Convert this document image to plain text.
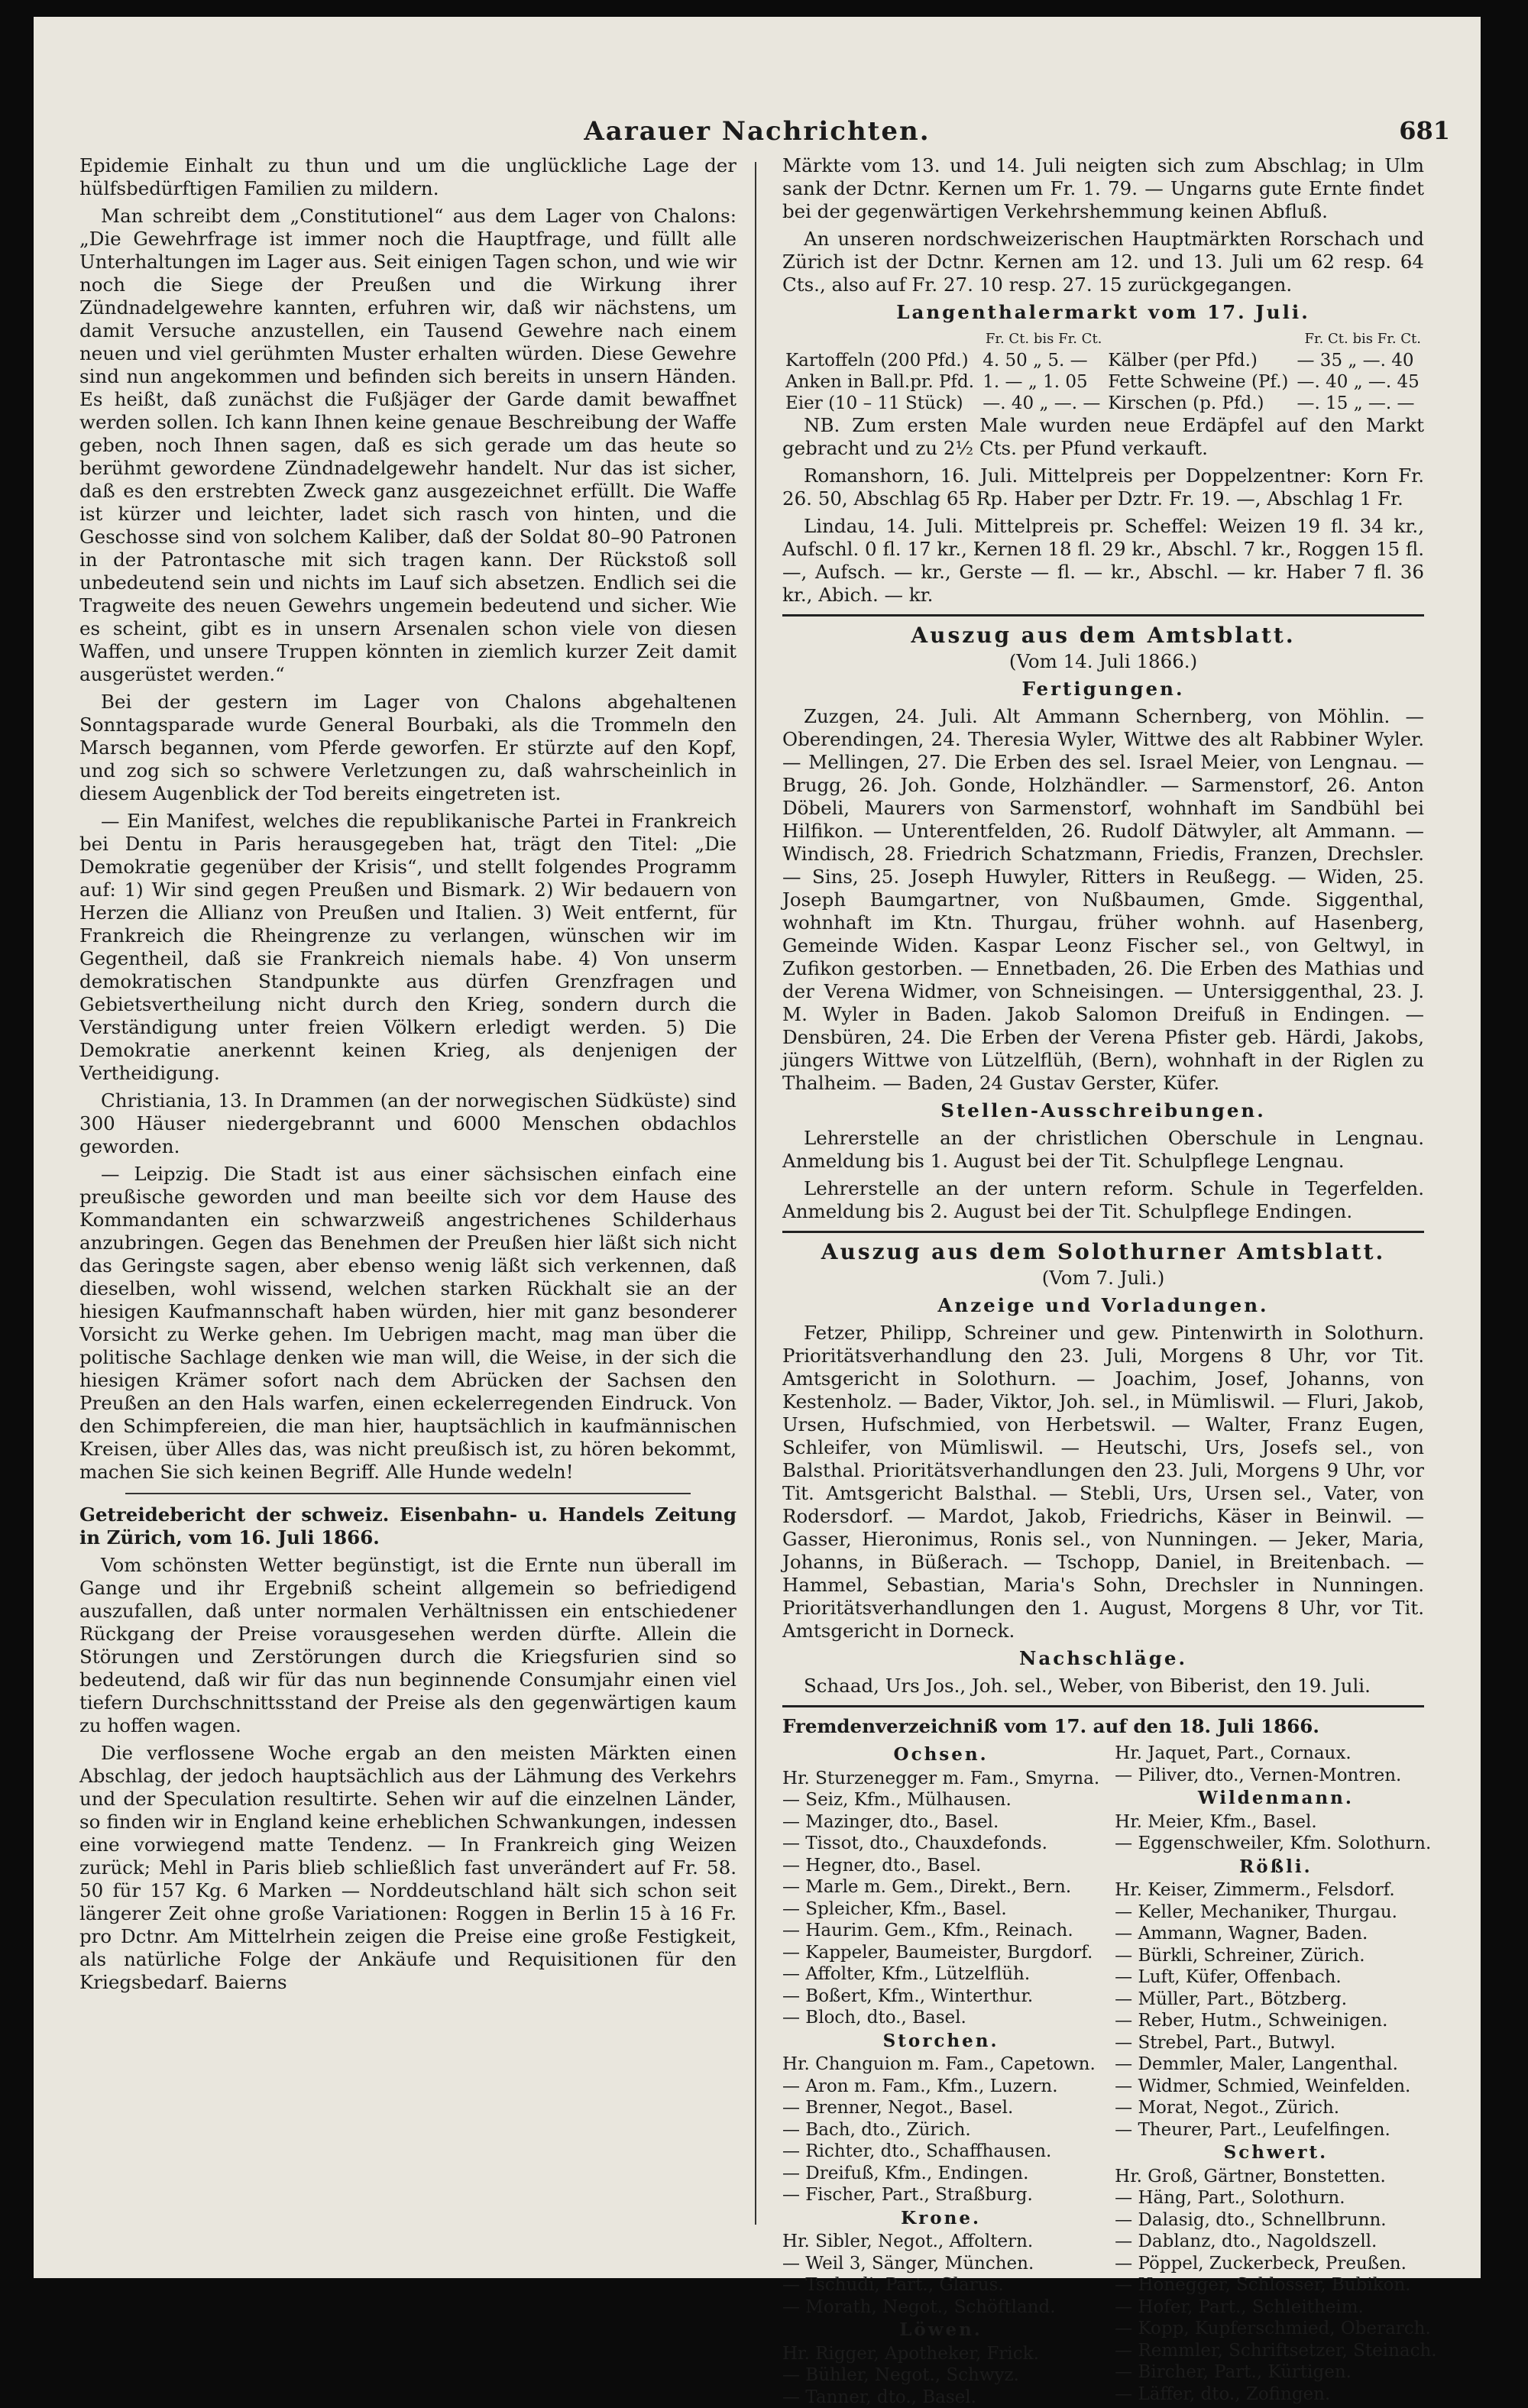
Aarauer Nachrichten.	681

Epidemie Einhalt zu thun und um die unglückliche Lage der hülfsbedürftigen Familien zu mildern.

Man schreibt dem „Constitutionel“ aus dem Lager von Chalons: „Die Gewehrfrage ist immer noch die Hauptfrage, und füllt alle Unterhaltungen im Lager aus. Seit einigen Tagen schon, und wie wir noch die Siege der Preußen und die Wirkung ihrer Zündnadelgewehre kannten, erfuhren wir, daß wir nächstens, um damit Versuche anzustellen, ein Tausend Gewehre nach einem neuen und viel gerühmten Muster erhalten würden. Diese Gewehre sind nun angekommen und befinden sich bereits in unsern Händen. Es heißt, daß zunächst die Fußjäger der Garde damit bewaffnet werden sollen. Ich kann Ihnen keine genaue Beschreibung der Waffe geben, noch Ihnen sagen, daß es sich gerade um das heute so berühmt gewordene Zündnadelgewehr handelt. Nur das ist sicher, daß es den erstrebten Zweck ganz ausgezeichnet erfüllt. Die Waffe ist kürzer und leichter, ladet sich rasch von hinten, und die Geschosse sind von solchem Kaliber, daß der Soldat 80–90 Patronen in der Patrontasche mit sich tragen kann. Der Rückstoß soll unbedeutend sein und nichts im Lauf sich absetzen. Endlich sei die Tragweite des neuen Gewehrs ungemein bedeutend und sicher. Wie es scheint, gibt es in unsern Arsenalen schon viele von diesen Waffen, und unsere Truppen könnten in ziemlich kurzer Zeit damit ausgerüstet werden.“

Bei der gestern im Lager von Chalons abgehaltenen Sonntagsparade wurde General Bourbaki, als die Trommeln den Marsch begannen, vom Pferde geworfen. Er stürzte auf den Kopf, und zog sich so schwere Verletzungen zu, daß wahrscheinlich in diesem Augenblick der Tod bereits eingetreten ist.

— Ein Manifest, welches die republikanische Partei in Frankreich bei Dentu in Paris herausgegeben hat, trägt den Titel: „Die Demokratie gegenüber der Krisis“, und stellt folgendes Programm auf: 1) Wir sind gegen Preußen und Bismark. 2) Wir bedauern von Herzen die Allianz von Preußen und Italien. 3) Weit entfernt, für Frankreich die Rheingrenze zu verlangen, wünschen wir im Gegentheil, daß sie Frankreich niemals habe. 4) Von unserm demokratischen Standpunkte aus dürfen Grenzfragen und Gebietsvertheilung nicht durch den Krieg, sondern durch die Verständigung unter freien Völkern erledigt werden. 5) Die Demokratie anerkennt keinen Krieg, als denjenigen der Vertheidigung.

Christiania, 13. In Drammen (an der norwegischen Südküste) sind 300 Häuser niedergebrannt und 6000 Menschen obdachlos geworden.

— Leipzig. Die Stadt ist aus einer sächsischen einfach eine preußische geworden und man beeilte sich vor dem Hause des Kommandanten ein schwarzweiß angestrichenes Schilderhaus anzubringen. Gegen das Benehmen der Preußen hier läßt sich nicht das Geringste sagen, aber ebenso wenig läßt sich verkennen, daß dieselben, wohl wissend, welchen starken Rückhalt sie an der hiesigen Kaufmannschaft haben würden, hier mit ganz besonderer Vorsicht zu Werke gehen. Im Uebrigen macht, mag man über die politische Sachlage denken wie man will, die Weise, in der sich die hiesigen Krämer sofort nach dem Abrücken der Sachsen den Preußen an den Hals warfen, einen eckelerregenden Eindruck. Von den Schimpfereien, die man hier, hauptsächlich in kaufmännischen Kreisen, über Alles das, was nicht preußisch ist, zu hören bekommt, machen Sie sich keinen Begriff. Alle Hunde wedeln!

Getreidebericht der schweiz. Eisenbahn- u. Handels Zeitung in Zürich, vom 16. Juli 1866.

Vom schönsten Wetter begünstigt, ist die Ernte nun überall im Gange und ihr Ergebniß scheint allgemein so befriedigend auszufallen, daß unter normalen Verhältnissen ein entschiedener Rückgang der Preise vorausgesehen werden dürfte. Allein die Störungen und Zerstörungen durch die Kriegsfurien sind so bedeutend, daß wir für das nun beginnende Consumjahr einen viel tiefern Durchschnittsstand der Preise als den gegenwärtigen kaum zu hoffen wagen.

Die verflossene Woche ergab an den meisten Märkten einen Abschlag, der jedoch hauptsächlich aus der Lähmung des Verkehrs und der Speculation resultirte. Sehen wir auf die einzelnen Länder, so finden wir in England keine erheblichen Schwankungen, indessen eine vorwiegend matte Tendenz. — In Frankreich ging Weizen zurück; Mehl in Paris blieb schließlich fast unverändert auf Fr. 58. 50 für 157 Kg. 6 Marken — Norddeutschland hält sich schon seit längerer Zeit ohne große Variationen: Roggen in Berlin 15 à 16 Fr. pro Dctnr. Am Mittelrhein zeigen die Preise eine große Festigkeit, als natürliche Folge der Ankäufe und Requisitionen für den Kriegsbedarf. Baierns

Märkte vom 13. und 14. Juli neigten sich zum Abschlag; in Ulm sank der Dctnr. Kernen um Fr. 1. 79. — Ungarns gute Ernte findet bei der gegenwärtigen Verkehrshemmung keinen Abfluß.

An unseren nordschweizerischen Hauptmärkten Rorschach und Zürich ist der Dctnr. Kernen am 12. und 13. Juli um 62 resp. 64 Cts., also auf Fr. 27. 10 resp. 27. 15 zurückgegangen.

Langenthalermarkt vom 17. Juli.

	Fr. Ct. bis Fr. Ct.		Fr. Ct. bis Fr. Ct.
Kartoffeln (200 Pfd.)	4. 50 „ 5. —	Kälber (per Pfd.)	— 35 „ —. 40
Anken in Ball.pr. Pfd.	1. — „ 1. 05	Fette Schweine (Pf.)	—. 40 „ —. 45
Eier (10 – 11 Stück)	—. 40 „ —. —	Kirschen (p. Pfd.)	—. 15 „ —. —

NB. Zum ersten Male wurden neue Erdäpfel auf den Markt gebracht und zu 2½ Cts. per Pfund verkauft.

Romanshorn, 16. Juli. Mittelpreis per Doppelzentner: Korn Fr. 26. 50, Abschlag 65 Rp. Haber per Dztr. Fr. 19. —, Abschlag 1 Fr.

Lindau, 14. Juli. Mittelpreis pr. Scheffel: Weizen 19 fl. 34 kr., Aufschl. 0 fl. 17 kr., Kernen 18 fl. 29 kr., Abschl. 7 kr., Roggen 15 fl. —, Aufsch. — kr., Gerste — fl. — kr., Abschl. — kr. Haber 7 fl. 36 kr., Abich. — kr.

Auszug aus dem Amtsblatt.
(Vom 14. Juli 1866.)
Fertigungen.

Zuzgen, 24. Juli. Alt Ammann Schernberg, von Möhlin. — Oberendingen, 24. Theresia Wyler, Wittwe des alt Rabbiner Wyler. — Mellingen, 27. Die Erben des sel. Israel Meier, von Lengnau. — Brugg, 26. Joh. Gonde, Holzhändler. — Sarmenstorf, 26. Anton Döbeli, Maurers von Sarmenstorf, wohnhaft im Sandbühl bei Hilfikon. — Unterentfelden, 26. Rudolf Dätwyler, alt Ammann. — Windisch, 28. Friedrich Schatzmann, Friedis, Franzen, Drechsler. — Sins, 25. Joseph Huwyler, Ritters in Reußegg. — Widen, 25. Joseph Baumgartner, von Nußbaumen, Gmde. Siggenthal, wohnhaft im Ktn. Thurgau, früher wohnh. auf Hasenberg, Gemeinde Widen. Kaspar Leonz Fischer sel., von Geltwyl, in Zufikon gestorben. — Ennetbaden, 26. Die Erben des Mathias und der Verena Widmer, von Schneisingen. — Untersiggenthal, 23. J. M. Wyler in Baden. Jakob Salomon Dreifuß in Endingen. — Densbüren, 24. Die Erben der Verena Pfister geb. Härdi, Jakobs, jüngers Wittwe von Lützelflüh, (Bern), wohnhaft in der Riglen zu Thalheim. — Baden, 24 Gustav Gerster, Küfer.

Stellen-Ausschreibungen.

Lehrerstelle an der christlichen Oberschule in Lengnau. Anmeldung bis 1. August bei der Tit. Schulpflege Lengnau.

Lehrerstelle an der untern reform. Schule in Tegerfelden. Anmeldung bis 2. August bei der Tit. Schulpflege Endingen.

Auszug aus dem Solothurner Amtsblatt.
(Vom 7. Juli.)
Anzeige und Vorladungen.

Fetzer, Philipp, Schreiner und gew. Pintenwirth in Solothurn. Prioritätsverhandlung den 23. Juli, Morgens 8 Uhr, vor Tit. Amtsgericht in Solothurn. — Joachim, Josef, Johanns, von Kestenholz. — Bader, Viktor, Joh. sel., in Mümliswil. — Fluri, Jakob, Ursen, Hufschmied, von Herbetswil. — Walter, Franz Eugen, Schleifer, von Mümliswil. — Heutschi, Urs, Josefs sel., von Balsthal. Prioritätsverhandlungen den 23. Juli, Morgens 9 Uhr, vor Tit. Amtsgericht Balsthal. — Stebli, Urs, Ursen sel., Vater, von Rodersdorf. — Mardot, Jakob, Friedrichs, Käser in Beinwil. — Gasser, Hieronimus, Ronis sel., von Nunningen. — Jeker, Maria, Johanns, in Büßerach. — Tschopp, Daniel, in Breitenbach. — Hammel, Sebastian, Maria's Sohn, Drechsler in Nunningen. Prioritätsverhandlungen den 1. August, Morgens 8 Uhr, vor Tit. Amtsgericht in Dorneck.

Nachschläge.

Schaad, Urs Jos., Joh. sel., Weber, von Biberist, den 19. Juli.

Fremdenverzeichniß vom 17. auf den 18. Juli 1866.

Ochsen.
Hr. Sturzenegger m. Fam., Smyrna.
— Seiz, Kfm., Mülhausen.
— Mazinger, dto., Basel.
— Tissot, dto., Chauxdefonds.
— Hegner, dto., Basel.
— Marle m. Gem., Direkt., Bern.
— Spleicher, Kfm., Basel.
— Haurim. Gem., Kfm., Reinach.
— Kappeler, Baumeister, Burgdorf.
— Affolter, Kfm., Lützelflüh.
— Boßert, Kfm., Winterthur.
— Bloch, dto., Basel.
Storchen.
Hr. Changuion m. Fam., Capetown.
— Aron m. Fam., Kfm., Luzern.
— Brenner, Negot., Basel.
— Bach, dto., Zürich.
— Richter, dto., Schaffhausen.
— Dreifuß, Kfm., Endingen.
— Fischer, Part., Straßburg.
Krone.
Hr. Sibler, Negot., Affoltern.
— Weil 3, Sänger, München.
— Tschudi, Part., Glarus.
— Morath, Negot., Schöftland.
Löwen.
Hr. Rigger, Apotheker, Frick.
— Bühler, Negot., Schwyz.
— Tanner, dto., Basel.
Hr. Jaquet, Part., Cornaux.
— Piliver, dto., Vernen-Montren.
Wildenmann.
Hr. Meier, Kfm., Basel.
— Eggenschweiler, Kfm. Solothurn.
Rößli.
Hr. Keiser, Zimmerm., Felsdorf.
— Keller, Mechaniker, Thurgau.
— Ammann, Wagner, Baden.
— Bürkli, Schreiner, Zürich.
— Luft, Küfer, Offenbach.
— Müller, Part., Bötzberg.
— Reber, Hutm., Schweinigen.
— Strebel, Part., Butwyl.
— Demmler, Maler, Langenthal.
— Widmer, Schmied, Weinfelden.
— Morat, Negot., Zürich.
— Theurer, Part., Leufelfingen.
Schwert.
Hr. Groß, Gärtner, Bonstetten.
— Häng, Part., Solothurn.
— Dalasig, dto., Schnellbrunn.
— Dablanz, dto., Nagoldszell.
— Pöppel, Zuckerbeck, Preußen.
— Honegger, Schlosser, Bubikon.
— Hofer, Part., Schleitheim.
— Kopp, Kupferschmied, Oberarch.
— Remmler, Schriftsetzer, Steinach.
— Bircher, Part., Kürtigen.
— Läffer, dto., Zofingen.
